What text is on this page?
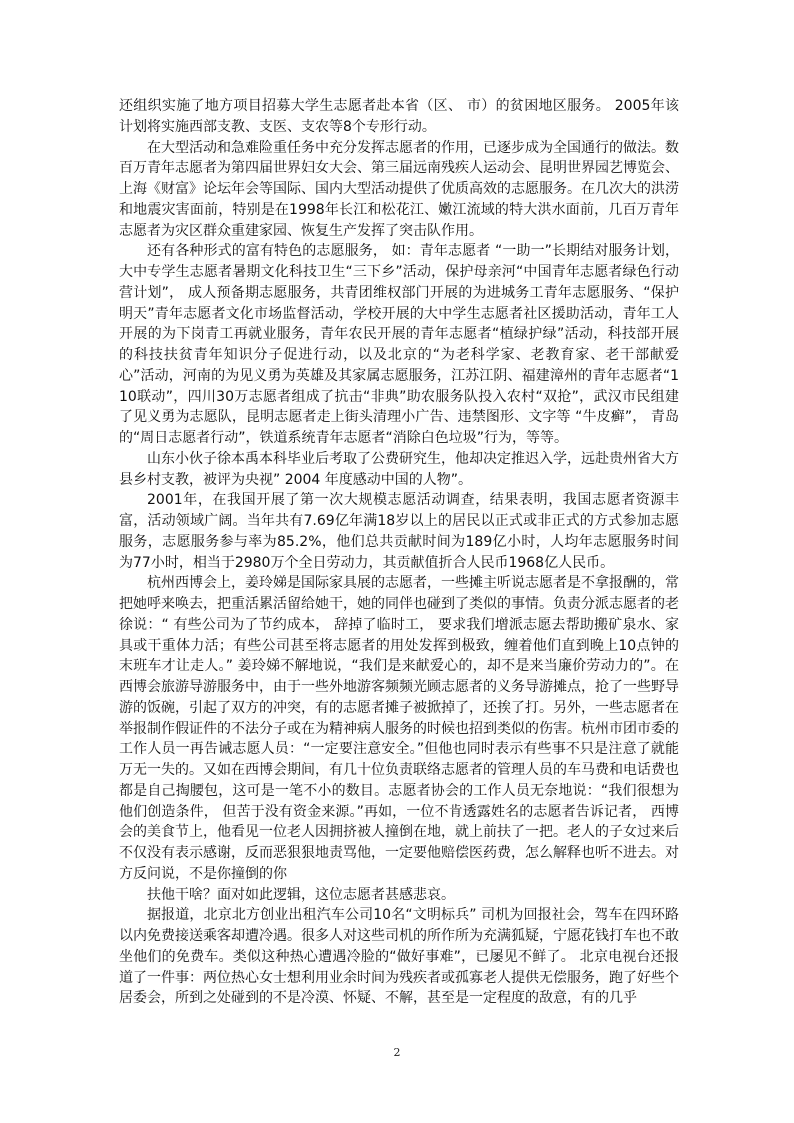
还组织实施了地方项目招募大学生志愿者赴本省（区、 市）的贫困地区服务。 2005年该计划将实施西部支教、支医、支农等8个专形行动。

在大型活动和急难险重任务中充分发挥志愿者的作用，已逐步成为全国通行的做法。数百万青年志愿者为第四届世界妇女大会、第三届远南残疾人运动会、昆明世界园艺博览会、上海《财富》论坛年会等国际、国内大型活动提供了优质高效的志愿服务。在几次大的洪涝和地震灾害面前，特别是在1998年长江和松花江、嫩江流域的特大洪水面前，几百万青年志愿者为灾区群众重建家园、恢复生产发挥了突击队作用。

还有各种形式的富有特色的志愿服务， 如：青年志愿者 “一助一”长期结对服务计划，大中专学生志愿者暑期文化科技卫生“三下乡”活动，保护母亲河“中国青年志愿者绿色行动营计划”， 成人预备期志愿服务，共青团维权部门开展的为进城务工青年志愿服务、“保护明天”青年志愿者文化市场监督活动，学校开展的大中学生志愿者社区援助活动，青年工人开展的为下岗青工再就业服务，青年农民开展的青年志愿者“植绿护绿”活动，科技部开展的科技扶贫青年知识分子促进行动，以及北京的“为老科学家、老教育家、老干部献爱心”活动，河南的为见义勇为英雄及其家属志愿服务，江苏江阴、福建漳州的青年志愿者“110联动”，四川30万志愿者组成了抗击“非典”助农服务队投入农村“双抢”，武汉市民组建了见义勇为志愿队，昆明志愿者走上街头清理小广告、违禁图形、文字等 “牛皮癣”， 青岛的“周日志愿者行动”，铁道系统青年志愿者“消除白色垃圾”行为，等等。

山东小伙子徐本禹本科毕业后考取了公费研究生，他却决定推迟入学，远赴贵州省大方县乡村支教，被评为央视” 2004 年度感动中国的人物”。

2001年，在我国开展了第一次大规模志愿活动调查，结果表明，我国志愿者资源丰富，活动领域广阔。当年共有7.69亿年满18岁以上的居民以正式或非正式的方式参加志愿服务，志愿服务参与率为85.2%，他们总共贡献时间为189亿小时，人均年志愿服务时间为77小时，相当于2980万个全日劳动力，其贡献值折合人民币1968亿人民币。

杭州西博会上，姜玲娣是国际家具展的志愿者，一些摊主听说志愿者是不拿报酬的，常把她呼来唤去，把重活累活留给她干，她的同伴也碰到了类似的事情。负责分派志愿者的老徐说：“ 有些公司为了节约成本， 辞掉了临时工， 要求我们增派志愿去帮助搬矿泉水、家具或干重体力活；有些公司甚至将志愿者的用处发挥到极致，缠着他们直到晚上10点钟的末班车才让走人。” 姜玲娣不解地说，“我们是来献爱心的，却不是来当廉价劳动力的”。在西博会旅游导游服务中，由于一些外地游客频频光顾志愿者的义务导游摊点，抢了一些野导游的饭碗，引起了双方的冲突，有的志愿者摊子被掀掉了，还挨了打。另外，一些志愿者在举报制作假证件的不法分子或在为精神病人服务的时候也招到类似的伤害。杭州市团市委的工作人员一再告诫志愿人员：“一定要注意安全。”但他也同时表示有些事不只是注意了就能万无一失的。又如在西博会期间，有几十位负责联络志愿者的管理人员的车马费和电话费也都是自己掏腰包，这可是一笔不小的数目。志愿者协会的工作人员无奈地说：“我们很想为他们创造条件， 但苦于没有资金来源。”再如，一位不肯透露姓名的志愿者告诉记者， 西博会的美食节上，他看见一位老人因拥挤被人撞倒在地，就上前扶了一把。老人的子女过来后不仅没有表示感谢，反而恶狠狠地责骂他，一定要他赔偿医药费，怎么解释也听不进去。对方反问说，不是你撞倒的你

扶他干啥？面对如此逻辑，这位志愿者甚感悲哀。

据报道，北京北方创业出租汽车公司10名“文明标兵” 司机为回报社会，驾车在四环路以内免费接送乘客却遭冷遇。很多人对这些司机的所作所为充满狐疑，宁愿花钱打车也不敢坐他们的免费车。类似这种热心遭遇冷脸的“做好事难”，已屡见不鲜了。 北京电视台还报道了一件事：两位热心女士想利用业余时间为残疾者或孤寡老人提供无偿服务，跑了好些个居委会，所到之处碰到的不是冷漠、怀疑、不解，甚至是一定程度的敌意，有的几乎

2
